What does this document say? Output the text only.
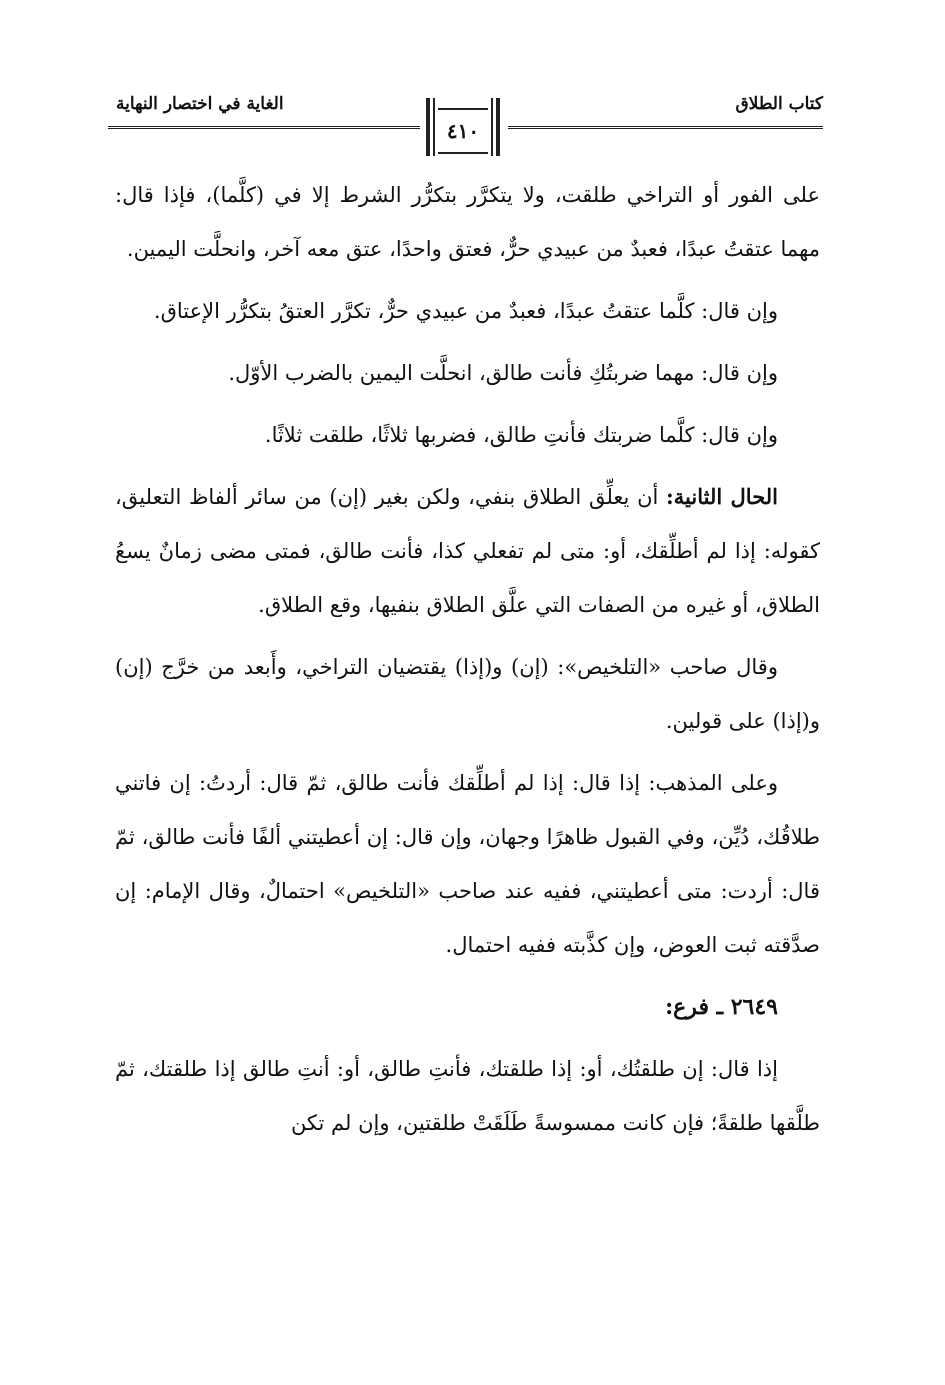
كتاب الطلاق
الغاية في اختصار النهاية
٤١٠

على الفور أو التراخي طلقت، ولا يتكرَّر بتكرُّر الشرط إلا في (كلَّما)، فإذا قال: مهما عتقتُ عبدًا، فعبدٌ من عبيدي حرٌّ، فعتق واحدًا، عتق معه آخر، وانحلَّت اليمين.

وإن قال: كلَّما عتقتُ عبدًا، فعبدٌ من عبيدي حرٌّ، تكرَّر العتقُ بتكرُّر الإعتاق.

وإن قال: مهما ضربتُكِ فأنت طالق، انحلَّت اليمين بالضرب الأوّل.

وإن قال: كلَّما ضربتك فأنتِ طالق، فضربها ثلاثًا، طلقت ثلاثًا.

الحال الثانية: أن يعلِّق الطلاق بنفي، ولكن بغير (إن) من سائر ألفاظ التعليق، كقوله: إذا لم أطلِّقك، أو: متى لم تفعلي كذا، فأنت طالق، فمتى مضى زمانٌ يسعُ الطلاق، أو غيره من الصفات التي علَّق الطلاق بنفيها، وقع الطلاق.

وقال صاحب «التلخيص»: (إن) و(إذا) يقتضيان التراخي، وأَبعد من خرَّج (إن) و(إذا) على قولين.

وعلى المذهب: إذا قال: إذا لم أطلِّقك فأنت طالق، ثمّ قال: أردتُ: إن فاتني طلاقُك، دُيِّن، وفي القبول ظاهرًا وجهان، وإن قال: إن أعطيتني ألفًا فأنت طالق، ثمّ قال: أردت: متى أعطيتني، ففيه عند صاحب «التلخيص» احتمالٌ، وقال الإمام: إن صدَّقته ثبت العوض، وإن كذَّبته ففيه احتمال.

٢٦٤٩ ـ فرع:

إذا قال: إن طلقتُك، أو: إذا طلقتك، فأنتِ طالق، أو: أنتِ طالق إذا طلقتك، ثمّ طلَّقها طلقةً؛ فإن كانت ممسوسةً طَلَقَتْ طلقتين، وإن لم تكن
